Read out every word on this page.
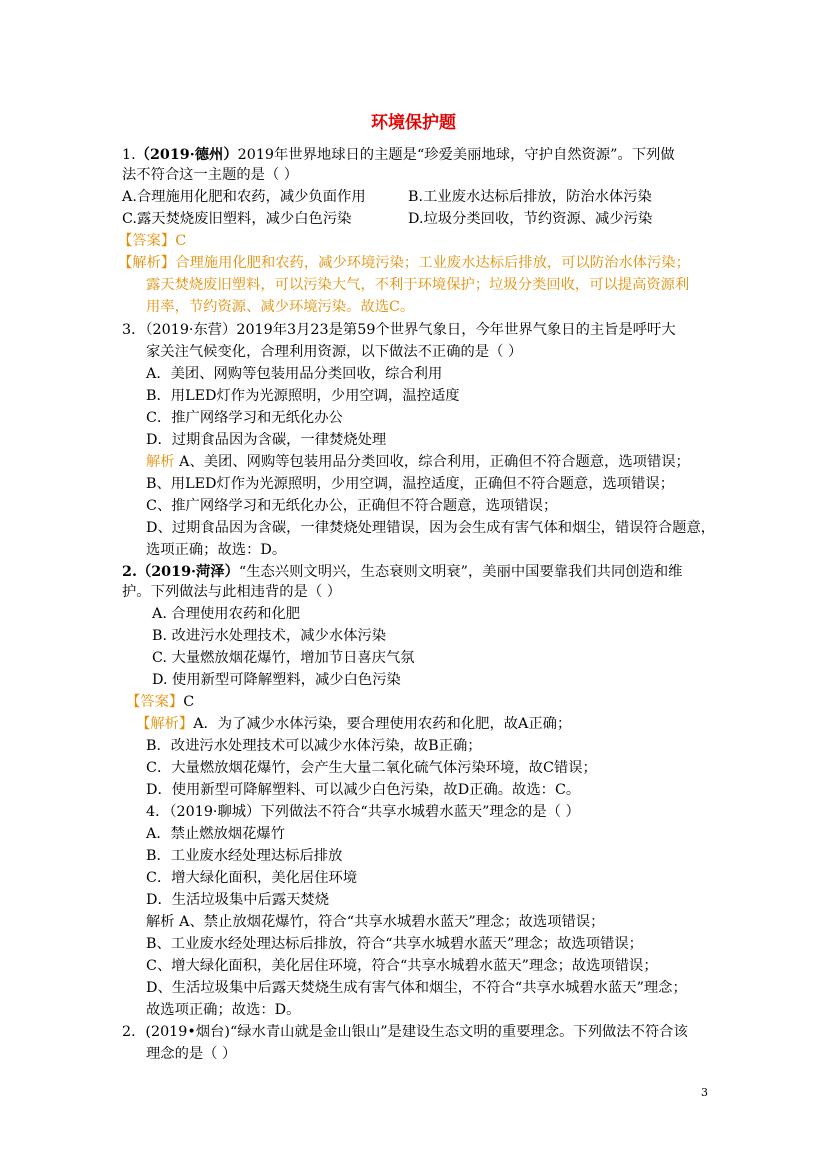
环境保护题
1.（2019·德州）2019年世界地球日的主题是“珍爱美丽地球，守护自然资源”。下列做
法不符合这一主题的是（ ）
A.合理施用化肥和农药，减少负面作用	B.工业废水达标后排放，防治水体污染
C.露天焚烧废旧塑料，减少白色污染	D.垃圾分类回收，节约资源、减少污染
【答案】C
【解析】合理施用化肥和农药，减少环境污染；工业废水达标后排放，可以防治水体污染；
露天焚烧废旧塑料，可以污染大气，不利于环境保护；垃圾分类回收，可以提高资源利
用率，节约资源、减少环境污染。故选C。
3．（2019·东营）2019年3月23是第59个世界气象日，今年世界气象日的主旨是呼吁大
家关注气候变化，合理利用资源，以下做法不正确的是（ ）
A．美团、网购等包装用品分类回收，综合利用
B．用LED灯作为光源照明，少用空调，温控适度
C．推广网络学习和无纸化办公
D．过期食品因为含碳，一律焚烧处理
解析 A、美团、网购等包装用品分类回收，综合利用，正确但不符合题意，选项错误；
B、用LED灯作为光源照明，少用空调，温控适度，正确但不符合题意，选项错误；
C、推广网络学习和无纸化办公，正确但不符合题意，选项错误；
D、过期食品因为含碳，一律焚烧处理错误，因为会生成有害气体和烟尘，错误符合题意，
选项正确；故选：D。
2.（2019·菏泽）“生态兴则文明兴，生态衰则文明衰”，美丽中国要靠我们共同创造和维
护。下列做法与此相违背的是（ ）
A. 合理使用农药和化肥
B. 改进污水处理技术，减少水体污染
C. 大量燃放烟花爆竹，增加节日喜庆气氛
D. 使用新型可降解塑料，减少白色污染
【答案】C
【解析】A．为了减少水体污染，要合理使用农药和化肥，故A正确；
B．改进污水处理技术可以减少水体污染，故B正确；
C．大量燃放烟花爆竹，会产生大量二氧化硫气体污染环境，故C错误；
D．使用新型可降解塑料、可以减少白色污染，故D正确。故选：C。
4．（2019·聊城）下列做法不符合“共享水城碧水蓝天”理念的是（ ）
A．禁止燃放烟花爆竹
B．工业废水经处理达标后排放
C．增大绿化面积，美化居住环境
D．生活垃圾集中后露天焚烧
解析 A、禁止放烟花爆竹，符合“共享水城碧水蓝天”理念；故选项错误；
B、工业废水经处理达标后排放，符合“共享水城碧水蓝天”理念；故选项错误；
C、增大绿化面积，美化居住环境，符合“共享水城碧水蓝天”理念；故选项错误；
D、生活垃圾集中后露天焚烧生成有害气体和烟尘，不符合“共享水城碧水蓝天”理念；
故选项正确；故选：D。
2．(2019•烟台)“绿水青山就是金山银山”是建设生态文明的重要理念。下列做法不符合该
理念的是（ ）
3
